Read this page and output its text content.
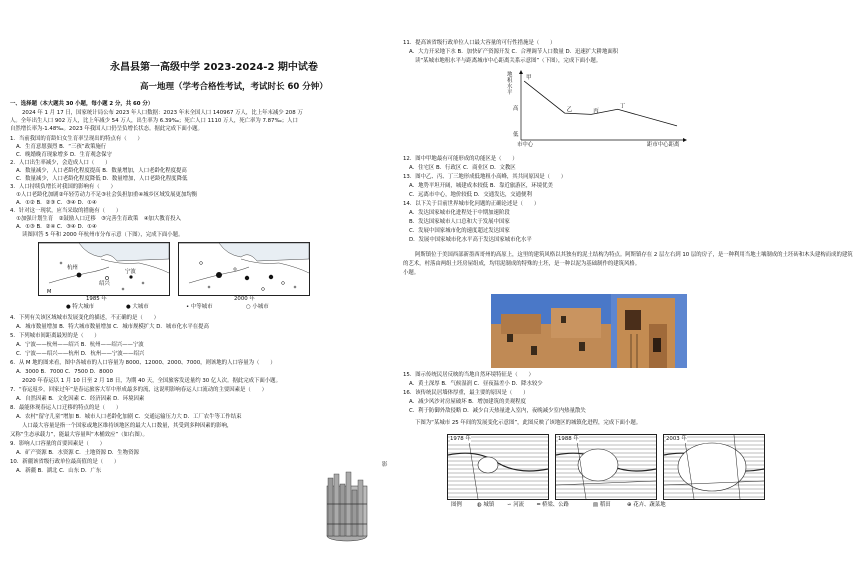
永昌县第一高级中学 2023-2024-2 期中试卷
高一地理（学考合格性考试，考试时长 60 分钟）
一、选择题（本大题共 30 小题，每小题 2 分，共 60 分）
2024 年 1 月 17 日，国家统计局公布 2023 年人口数据：2023 年末全国人口 140967 万人，比上年末减少 208 万
人。全年出生人口 902 万人，比上年减少 54 万人，出生率为 6.39‰；死亡人口 1110 万人，死亡率为 7.87‰；人口
自然增长率为-1.48‰。2023 年我国人口仍呈负增长状态。据此完成下面小题。
1．当前我国的育龄妇女生育率呈现出的特点有（　　）
A．生育意愿强烈 B．“三孩”政策施行
C．晚婚晚育现象增多 D．生育观念保守
2．人口出生率减少，会造成人口（　　）
A．数量减少，人口老龄化程度提高 B．数量增加，人口老龄化程度提高
C．数量减少，人口老龄化程度降低 D．数量增加，人口老龄化程度降低
3．人口持续负增长对我国的影响有（　　）
①人口老龄化加剧②年轻劳动力不足③社会负担加重④城乡区域发展更加均衡
A．①② B．②③ C．③④ D．①④
4．针对这一现状，应当采取的措施有（　　）
①加强计划生育　②鼓励人口迁移　③完善生育政策　④加大教育投入
A．①③ B．②④ C．③④ D．①④
读图回答 5 年和 2000 年杭州市分布示意（下图），完成下面小题。
M
杭州
绍兴
宁波
1985 年	2000 年
● 特大城市	● 大城市	• 中等城市	○ 小城市
4．下列有关该区域城市发展变化的描述，不正确的是（　　）
A．城市数量增加 B．特大城市数量增加 C．城市规模扩大 D．城市化水平在提高
5．下列城市间距离最短的是（　　）
A．宁波——杭州——绍兴 B．杭州——绍兴——宁波
C．宁波——绍兴——杭州 D．杭州——宁波——绍兴
6．从 M 地的图来看，图中各城市的人口容量为 8000、12000、2000、7000，则该地的人口容量为（　　）
A．3000 B．7000 C．7500 D．8000
2020 年春运以 1 月 10 日至 2 月 18 日，为期 40 天，全国旅客发送量约 30 亿人次。据此完成下面小题。
7．“春运返乡，回家过年”是春运旅客大军中形成最多的流，这说明影响春运人口流动的主要因素是（　　）
A．自然因素 B．文化因素 C．经济因素 D．环境因素
8．最能体现春运人口迁移的特点的是（　　）
A．农村“留守儿童”增加 B．城市人口老龄化加剧 C．交通运输压力大 D．工厂农牛等工作结束
人口最大容量是指一个国家或地区维持该地区的最大人口数量，其受到多种因素的影响，
又称“生态承载力”，能最大容量叫“木桶效应”（如右图）。
9．影响人口容量的首要因素是（　　）
A．矿产资源 B．水资源 C．土地资源 D．生物资源
10．新疆该省级行政单位最高值的是（　　）
A．新疆 B．湖北 C．山东 D．广东
影
11．提高该省级行政单位人口最大容量的可行性措施是（　　）
A．大力开采地下水 B．加快矿产资源开发 C．合理调节人口数量 D．迅速扩大耕地面积
读“某城市地租水平与距离城市中心距离关系示意图”（下图），完成下面小题。
甲
乙	丙
丁
地租水平
高
低
市中心	距市中心距离
12．图中甲地最有可能形成的功能区是（　　）
A．住宅区 B．行政区 C．商业区 D．文教区
13．图中乙、丙、丁三地形成低地租小高峰，其共同原因是（　　）
A．地势平坦开阔，城建成本较低 B．靠近旅游区，环境优美
C．远离市中心，地价较低 D．交通发达，交通便利
14．以下关于目前世界城市化问题的正确论述是（　　）
A．发达国家城市化进程处于中期加速阶段
B．发达国家城市人口总和大于发展中国家
C．发展中国家城市化的速度超过发达国家
D．发展中国家城市化水平高于发达国家城市化水平
阿斯镇位于美国西部新墨西哥州的高原上，这里的建筑风格以其独有的泥土结构为特点。阿斯镇存在 2 层左右到 10 层的房子，是一种利用当地土壤制成的土坯砖和木头建构而成的建筑
的艺术，村落由两组土坯房屋组成，均用泥制成的特殊的土坯，是一种以泥为基础制作的建筑风格。
小题。
15．图示传统民居反映的当地自然环境特征是（　　）
A．黄土深厚 B．气候湿润 C．昼夜温差小 D．降水较少
16．该传统民居墙体厚重，最主要的原因是（　　）
A．减少风沙对房屋破坏 B．增加建筑的美观程度
C．利于防御外敌侵略 D．减少白天热量进入室内，夜晚减少室内热量散失
下图为“某城市 25 年间的发展变化示意图”，此图反映了该地区的城镇化进程，完成下面小题。
1978 年	1988 年	2003 年
图例	◍ 城镇 ∽ 河流 ═ 桥梁、公路	▤ 稻田	⊕ 花卉、蔬菜地
